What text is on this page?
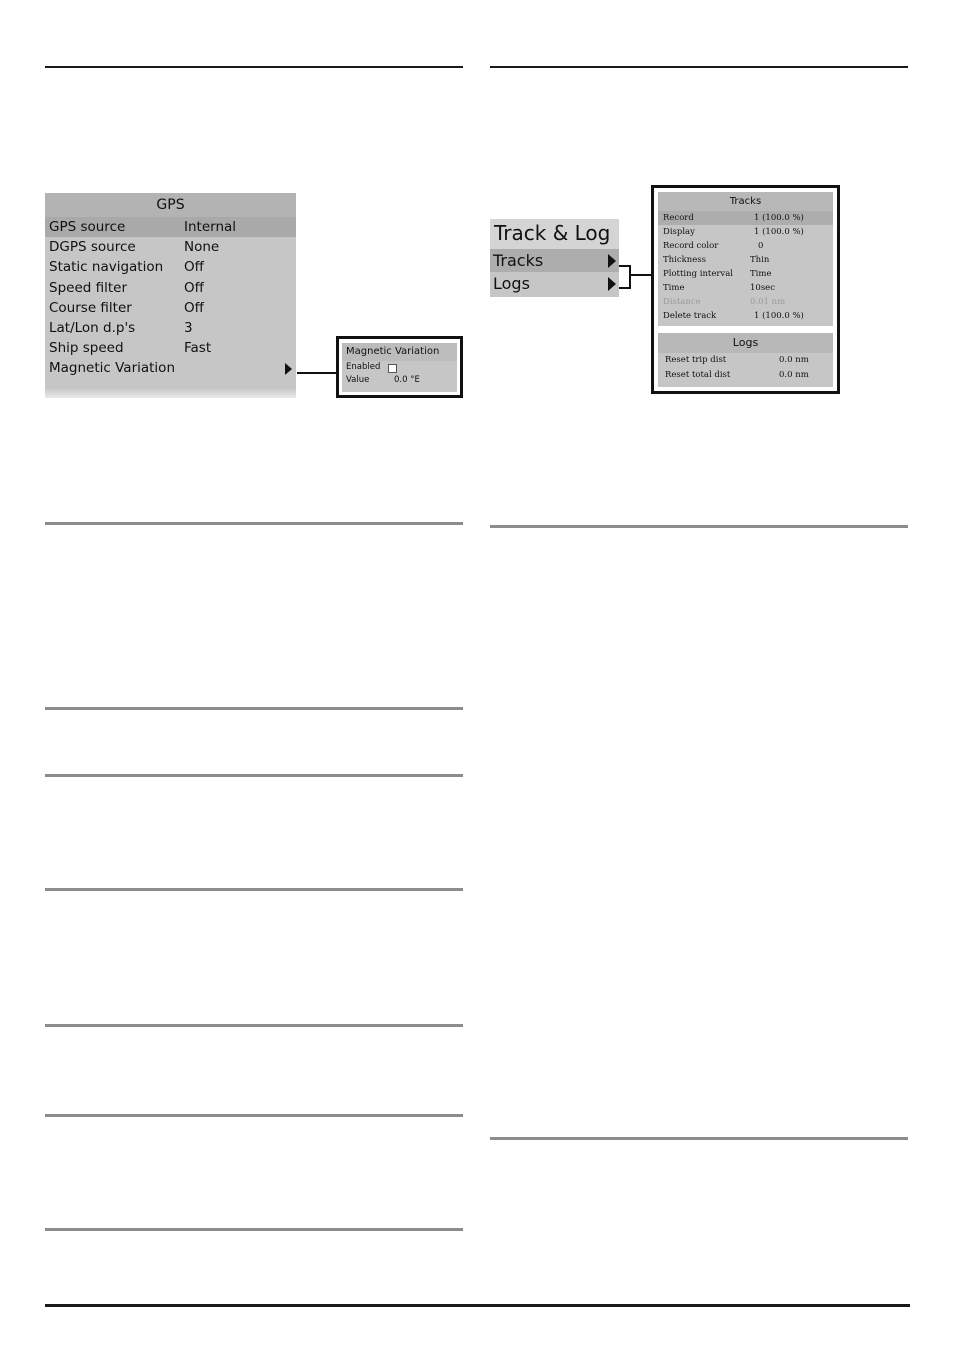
GPS
GPS source	Internal
DGPS source	None
Static navigation Off
Speed filter	Off
Course filter	Off
Lat/Lon d.p's	3
Ship speed	Fast
Magnetic Variation
Magnetic Variation
Enabled
Value	0.0 °E
Track & Log
Tracks
Logs
Tracks
Record	1 (100.0 %)
Display	1 (100.0 %)
Record color	0
Thickness	Thin
Plotting interval Time
Time	10sec
Distance	0.01 nm
Delete track	1 (100.0 %)
Logs
Reset trip dist	0.0 nm
Reset total dist	0.0 nm
